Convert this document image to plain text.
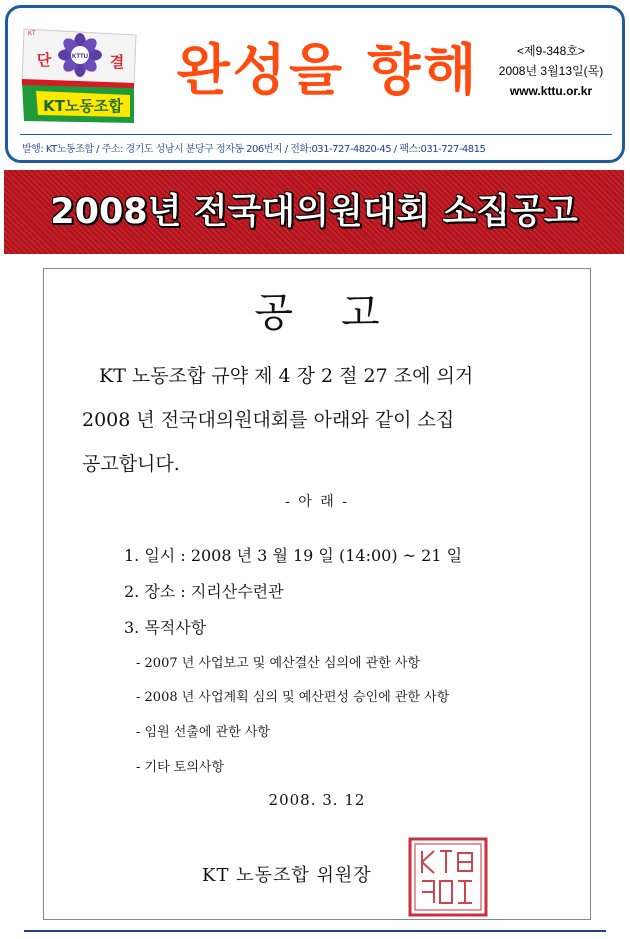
KTTU
단	결
KT노동조합
KT
완성을 향해	<제9-348호>
2008년 3월13일(목)
www.kttu.or.kr
발행: KT노동조합 / 주소: 경기도 성남시 분당구 정자동 206번지 / 전화:031-727-4820-45 / 팩스:031-727-4815
2008년 전국대의원대회 소집공고
공고
KT 노동조합 규약 제 4 장 2 절 27 조에 의거
2008 년 전국대의원대회를 아래와 같이 소집
공고합니다.
- 아 래 -
1. 일시 : 2008 년 3 월 19 일 (14:00) ~ 21 일
2. 장소 : 지리산수련관
3. 목적사항
- 2007 년 사업보고 및 예산결산 심의에 관한 사항
- 2008 년 사업계획 심의 및 예산편성 승인에 관한 사항
- 임원 선출에 관한 사항
- 기타 토의사항
2008. 3. 12
KT 노동조합 위원장
